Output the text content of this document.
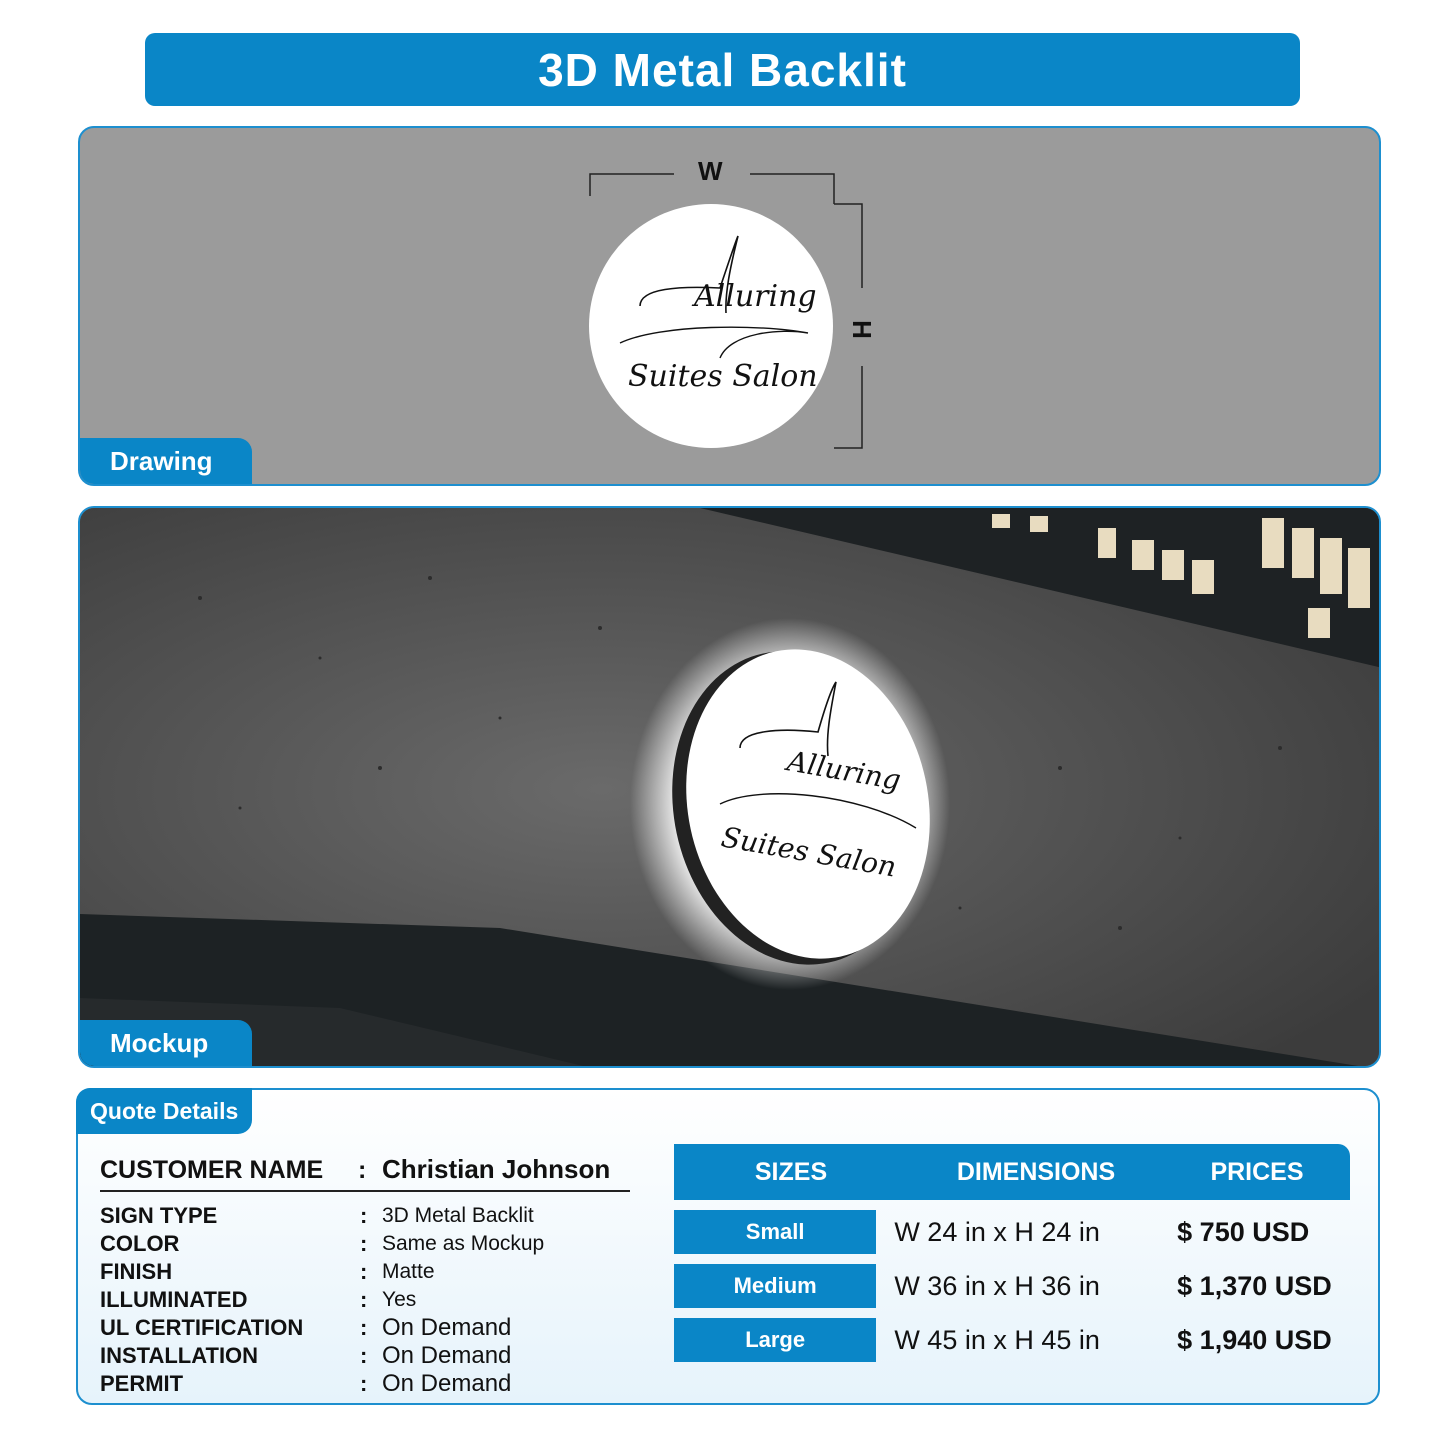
3D Metal Backlit
Alluring
Suites Salon
W
H
Drawing
Alluring
Suites Salon
Mockup
Quote Details
CUSTOMER NAME	: Christian Johnson
SIGN TYPE	: 3D Metal Backlit
COLOR	: Same as Mockup
FINISH	: Matte
ILLUMINATED	: Yes
UL CERTIFICATION	: On Demand
INSTALLATION	: On Demand
PERMIT	: On Demand
SIZES	DIMENSIONS	PRICES
Small	W 24 in x H 24 in	$ 750 USD
Medium	W 36 in x H 36 in	$ 1,370 USD
Large	W 45 in x H 45 in	$ 1,940 USD
